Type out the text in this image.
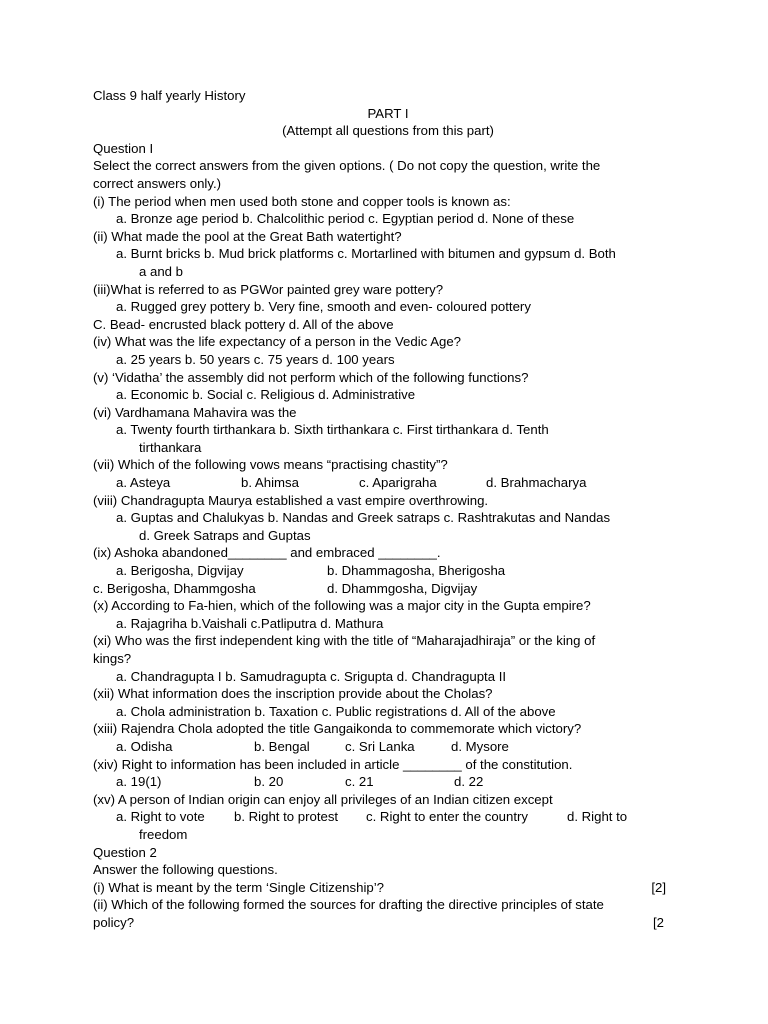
Class 9 half yearly History
PART I
(Attempt all questions from this part)
Question I
Select the correct answers from the given options. ( Do not copy the question, write the
correct answers only.)
(i) The period when men used both stone and copper tools is known as:
a. Bronze age period b. Chalcolithic period c. Egyptian period d. None of these
(ii) What made the pool at the Great Bath watertight?
a. Burnt bricks b. Mud brick platforms c. Mortarlined with bitumen and gypsum d. Both
a and b
(iii)What is referred to as PGWor painted grey ware pottery?
a. Rugged grey pottery b. Very fine, smooth and even- coloured pottery
C. Bead- encrusted black pottery d. All of the above
(iv) What was the life expectancy of a person in the Vedic Age?
a. 25 years b. 50 years c. 75 years d. 100 years
(v) ‘Vidatha’ the assembly did not perform which of the following functions?
a. Economic b. Social c. Religious d. Administrative
(vi) Vardhamana Mahavira was the
a. Twenty fourth tirthankara b. Sixth tirthankara c. First tirthankara d. Tenth
tirthankara
(vii) Which of the following vows means “practising chastity”?
a. Asteya	b. Ahimsa	c. Aparigraha	d. Brahmacharya
(viii) Chandragupta Maurya established a vast empire overthrowing.
a. Guptas and Chalukyas b. Nandas and Greek satraps c. Rashtrakutas and Nandas
d. Greek Satraps and Guptas
(ix) Ashoka abandoned________ and embraced ________.
a. Berigosha, Digvijay	b. Dhammagosha, Bherigosha
c. Berigosha, Dhammgosha	d. Dhammgosha, Digvijay
(x) According to Fa-hien, which of the following was a major city in the Gupta empire?
a. Rajagriha b.Vaishali c.Patliputra d. Mathura
(xi) Who was the first independent king with the title of “Maharajadhiraja” or the king of
kings?
a. Chandragupta I b. Samudragupta c. Srigupta d. Chandragupta II
(xii) What information does the inscription provide about the Cholas?
a. Chola administration b. Taxation c. Public registrations d. All of the above
(xiii) Rajendra Chola adopted the title Gangaikonda to commemorate which victory?
a. Odisha	b. Bengal	c. Sri Lanka	d. Mysore
(xiv) Right to information has been included in article ________ of the constitution.
a. 19(1)	b. 20	c. 21	d. 22
(xv) A person of Indian origin can enjoy all privileges of an Indian citizen except
a. Right to vote b. Right to protest c. Right to enter the country	d. Right to
freedom
Question 2
Answer the following questions.
(i) What is meant by the term ‘Single Citizenship’?	[2]
(ii) Which of the following formed the sources for drafting the directive principles of state
policy?	[2
